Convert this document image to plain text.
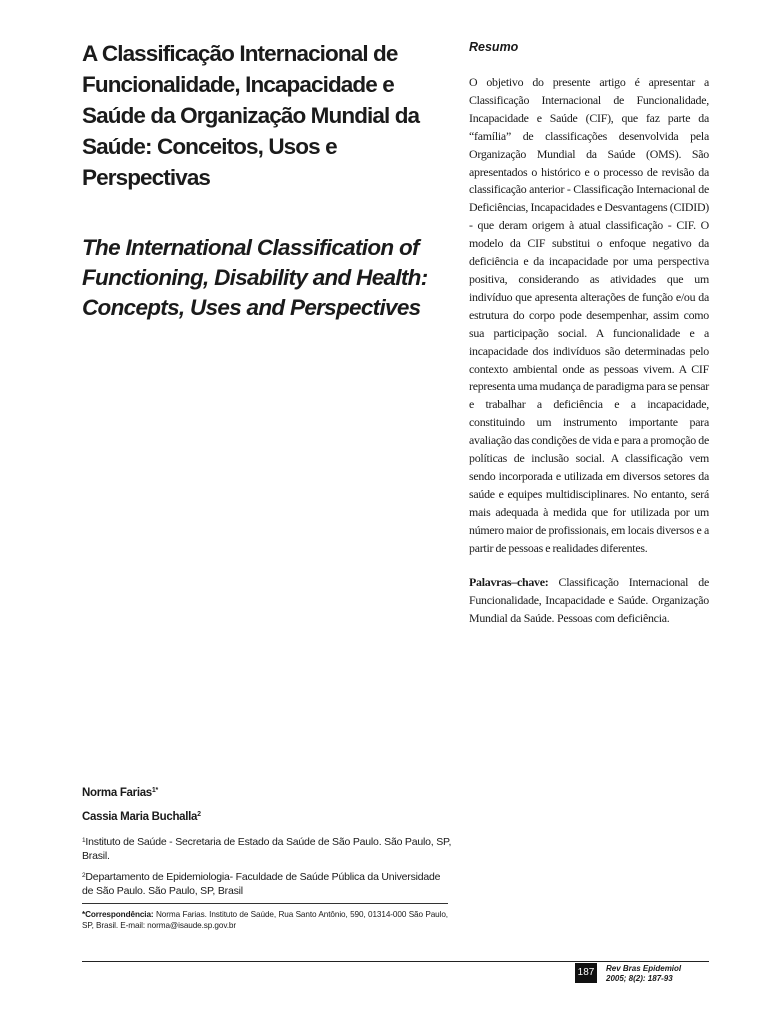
A Classificação Internacional de Funcionalidade, Incapacidade e Saúde da Organização Mundial da Saúde: Conceitos, Usos e Perspectivas
The International Classification of Functioning, Disability and Health: Concepts, Uses and Perspectives
Norma Farias$^{1*}$
Cassia Maria Buchalla$^2$
$^1$Instituto de Saúde - Secretaria de Estado da Saúde de São Paulo. São Paulo, SP, Brasil.
$^2$Departamento de Epidemiologia- Faculdade de Saúde Pública da Universidade de São Paulo. São Paulo, SP, Brasil
*Correspondência: Norma Farias. Instituto de Saúde, Rua Santo Antônio, 590, 01314-000 São Paulo, SP, Brasil. E-mail: norma@isaude.sp.gov.br
Resumo

O objetivo do presente artigo é apresentar a Classificação Internacional de Funcionalidade, Incapacidade e Saúde (CIF), que faz parte da “família” de classificações desenvolvida pela Organização Mundial da Saúde (OMS). São apresentados o histórico e o processo de revisão da classificação anterior - Classificação Internacional de Deficiências, Incapacidades e Desvantagens (CIDID) - que deram origem à atual classificação - CIF. O modelo da CIF substitui o enfoque negativo da deficiência e da incapacidade por uma perspectiva positiva, considerando as atividades que um indivíduo que apresenta alterações de função e/ou da estrutura do corpo pode desempenhar, assim como sua participação social. A funcionalidade e a incapacidade dos indivíduos são determinadas pelo contexto ambiental onde as pessoas vivem. A CIF representa uma mudança de paradigma para se pensar e trabalhar a deficiência e a incapacidade, constituindo um instrumento importante para avaliação das condições de vida e para a promoção de políticas de inclusão social. A classificação vem sendo incorporada e utilizada em diversos setores da saúde e equipes multidisciplinares. No entanto, será mais adequada à medida que for utilizada por um número maior de profissionais, em locais diversos e a partir de pessoas e realidades diferentes.

Palavras–chave: Classificação Internacional de Funcionalidade, Incapacidade e Saúde. Organização Mundial da Saúde. Pessoas com deficiência.

187	Rev Bras Epidemiol
2005; 8(2): 187-93
